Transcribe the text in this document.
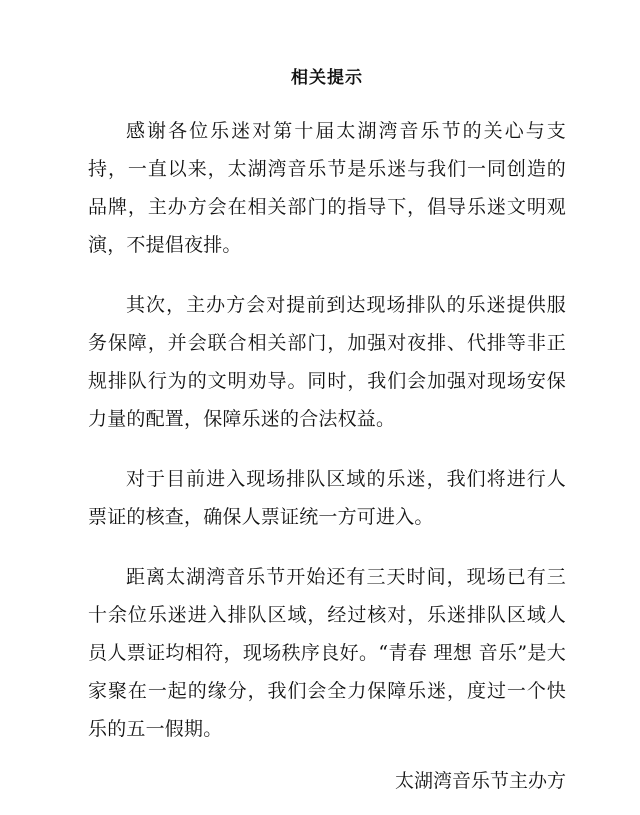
相关提示
感谢各位乐迷对第十届太湖湾音乐节的关心与支持，一直以来，太湖湾音乐节是乐迷与我们一同创造的品牌，主办方会在相关部门的指导下，倡导乐迷文明观演，不提倡夜排。
其次，主办方会对提前到达现场排队的乐迷提供服务保障，并会联合相关部门，加强对夜排、代排等非正规排队行为的文明劝导。同时，我们会加强对现场安保力量的配置，保障乐迷的合法权益。
对于目前进入现场排队区域的乐迷，我们将进行人票证的核查，确保人票证统一方可进入。
距离太湖湾音乐节开始还有三天时间，现场已有三十余位乐迷进入排队区域，经过核对，乐迷排队区域人员人票证均相符，现场秩序良好。“青春 理想 音乐”是大家聚在一起的缘分，我们会全力保障乐迷，度过一个快乐的五一假期。
太湖湾音乐节主办方
